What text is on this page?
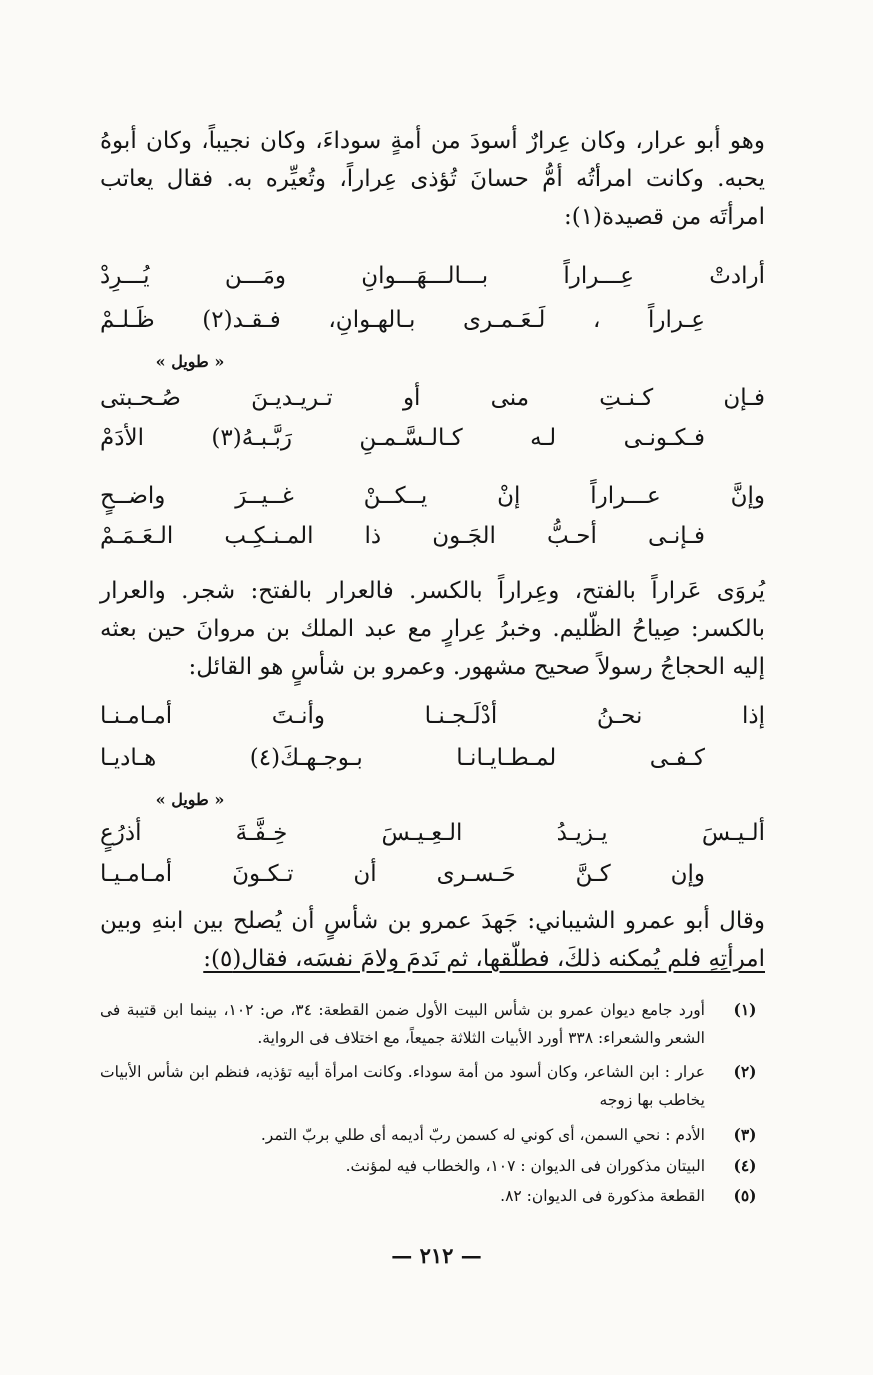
وهو أبو عرار، وكان عِرارٌ أسودَ من أمةٍ سوداءَ، وكان نجيباً، وكان أبوهُ يحبه. وكانت امرأتُه أمُّ حسانَ تُؤذى عِراراً، وتُعيِّره به. فقال يعاتب امرأتَه من قصيدة(١):
أرادتْ عِـــراراً بـــالـــهَـــوانِ ومَـــن يُـــرِدْ
عِـراراً ، لَـعَـمـرى بـالهـوانِ، فـقـد(٢) ظَـلـمْ
« طويل »
فـإن كـنـتِ منى أو تـريـديـنَ صُـحـبتى
فـكـونـى لـه كـالـسَّـمـنِ رَبَّـبـهُ(٣) الأدَمْ
وإنَّ عـــراراً إنْ يــكــنْ غــيــرَ واضــحٍ
فـإنـى أحـبُّ الجَـون ذا المـنـكِـب الـعَـمَـمْ
يُروَى عَراراً بالفتح، وعِراراً بالكسر. فالعرار بالفتح: شجر. والعرار بالكسر: صِياحُ الظّليم. وخبرُ عِرارٍ مع عبد الملك بن مروانَ حين بعثه إليه الحجاجُ رسولاً صحيح مشهور. وعمرو بن شأسٍ هو القائل:
إذا نحـنُ أدْلَـجـنـا وأنـتَ أمـامـنـا
كـفـى لمـطـايـانـا بـوجـهـكَ(٤) هـاديـا
« طويل »
ألـيـسَ يـزيـدُ الـعِـيـسَ خِـفَّـةَ أذرُعٍ
وإن كـنَّ حَـسـرى أن تـكـونَ أمـامـيـا
وقال أبو عمرو الشيباني: جَهدَ عمرو بن شأسٍ أن يُصلح بين ابنهِ وبين امرأتِهِ فلم يُمكنه ذلكَ، فطلّقها، ثم نَدمَ ولامَ نفسَه، فقال(٥):
(١)
أورد جامع ديوان عمرو بن شأس البيت الأول ضمن القطعة: ٣٤، ص: ١٠٢، بينما ابن قتيبة فى الشعر والشعراء: ٣٣٨ أورد الأبيات الثلاثة جميعاً، مع اختلاف فى الرواية.
(٢)
عرار : ابن الشاعر، وكان أسود من أمة سوداء. وكانت امرأة أبيه تؤذيه، فنظم ابن شأس الأبيات يخاطب بها زوجه
(٣)
الأدم : نحي السمن، أى كوني له كسمن ربّ أديمه أى طلي بربّ التمر.
(٤)
البيتان مذكوران فى الديوان : ١٠٧، والخطاب فيه لمؤنث.
(٥)
القطعة مذكورة فى الديوان: ٨٢.
— ٢١٢ —
